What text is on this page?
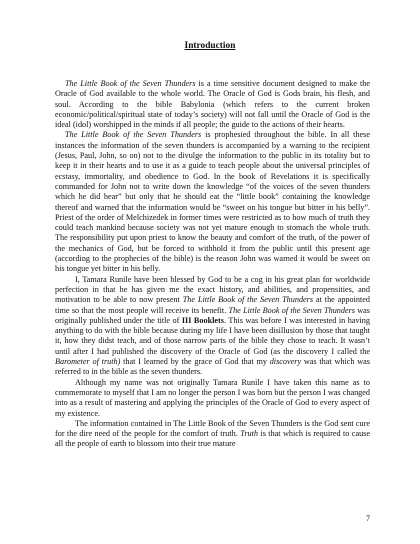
Introduction

The Little Book of the Seven Thunders is a time sensitive document designed to make the Oracle of God available to the whole world. The Oracle of God is Gods brain, his flesh, and soul. According to the bible Babylonia (which refers to the current broken economic/political/spiritual state of today’s society) will not fall until the Oracle of God is the ideal (idol) worshipped in the minds if all people; the guide to the actions of their hearts.

The Little Book of the Seven Thunders is prophesied throughout the bible. In all these instances the information of the seven thunders is accompanied by a warning to the recipient (Jesus, Paul, John, so on) not to the divulge the information to the public in its totality but to keep it in their hearts and to use it as a guide to teach people about the universal principles of ecstasy, immortality, and obedience to God. In the book of Revelations it is specifically commanded for John not to write down the knowledge “of the voices of the seven thunders which he did hear” but only that he should eat the “little book” containing the knowledge thereof and warned that the information would be “sweet on his tongue but bitter in his belly”. Priest of the order of Melchizedek in former times were restricted as to how much of truth they could teach mankind because society was not yet mature enough to stomach the whole truth. The responsibility put upon priest to know the beauty and comfort of the truth, of the power of the mechanics of God, but be forced to withhold it from the public until this present age (according to the prophecies of the bible) is the reason John was warned it would be sweet on his tongue yet bitter in his belly.

I, Tamara Runile have been blessed by God to be a cog in his great plan for worldwide perfection in that he has given me the exact history, and abilities, and propensities, and motivation to be able to now present The Little Book of the Seven Thunders at the appointed time so that the most people will receive its benefit. The Little Book of the Seven Thunders was originally published under the title of III Booklets. This was before I was interested in having anything to do with the bible because during my life I have been disillusion by those that taught it, how they didst teach, and of those narrow parts of the bible they chose to teach. It wasn’t until after I had published the discovery of the Oracle of God (as the discovery I called the Barometer of truth) that I learned by the grace of God that my discovery was that which was referred to in the bible as the seven thunders.

Although my name was not originally Tamara Runile I have taken this name as to commemorate to myself that I am no longer the person I was born but the person I was changed into as a result of mastering and applying the principles of the Oracle of God to every aspect of my existence.

The information contained in The Little Book of the Seven Thunders is the God sent cure for the dire need of the people for the comfort of truth. Truth is that which is required to cause all the people of earth to blossom into their true mature

7
